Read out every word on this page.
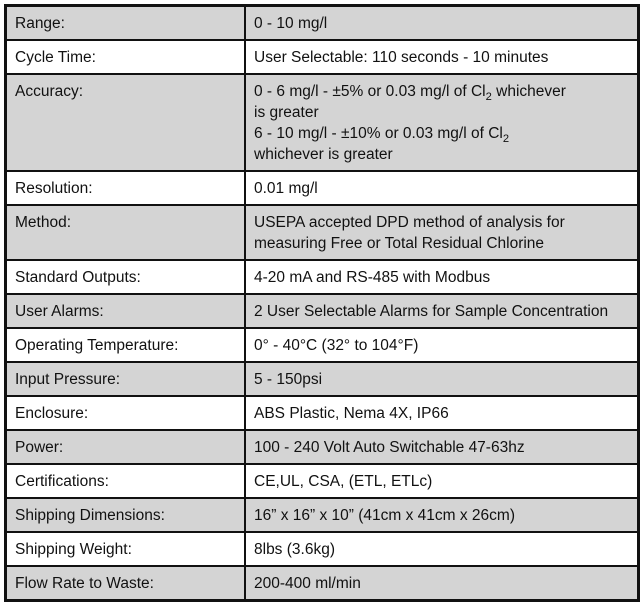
Range:	0 - 10 mg/l
Cycle Time:	User Selectable: 110 seconds - 10 minutes
Accuracy:	0 - 6 mg/l - ±5% or 0.03 mg/l of $Cl_2$ whichever
is greater
6 - 10 mg/l - ±10% or 0.03 mg/l of $Cl_2$
whichever is greater

Resolution:	0.01 mg/l
Method:	USEPA accepted DPD method of analysis for measuring Free or Total Residual Chlorine
Standard Outputs:	4-20 mA and RS-485 with Modbus
User Alarms:	2 User Selectable Alarms for Sample Concentration
Operating Temperature:	0° - 40°C (32° to 104°F)
Input Pressure:	5 - 150psi
Enclosure:	ABS Plastic, Nema 4X, IP66
Power:	100 - 240 Volt Auto Switchable 47-63hz
Certifications:	CE,UL, CSA, (ETL, ETLc)
Shipping Dimensions:	16” x 16” x 10” (41cm x 41cm x 26cm)
Shipping Weight:	8lbs (3.6kg)
Flow Rate to Waste:	200-400 ml/min
